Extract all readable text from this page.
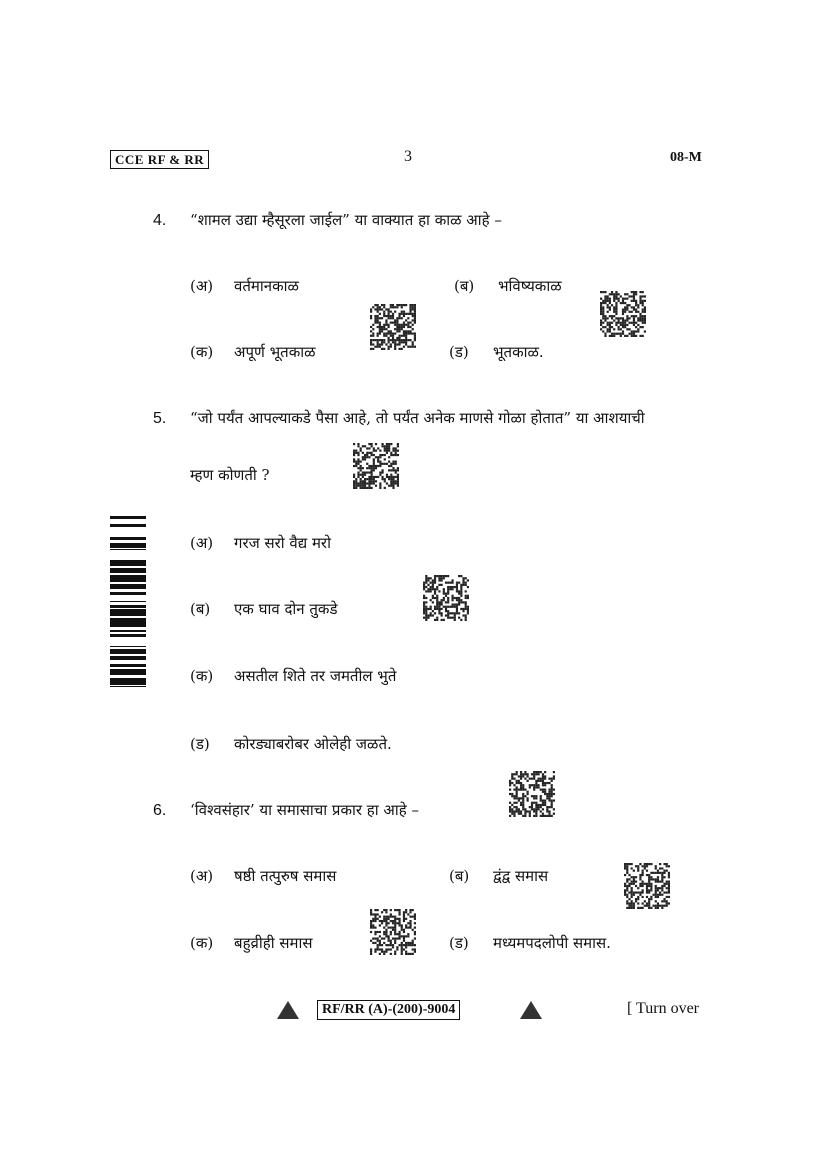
CCE RF & RR	3	08-M
4. “शामल उद्या म्हैसूरला जाईल” या वाक्यात हा काळ आहे –
(अ) वर्तमानकाळ	(ब) भविष्यकाळ
(क) अपूर्ण भूतकाळ	(ड) भूतकाळ.
5. “जो पर्यंत आपल्याकडे पैसा आहे, तो पर्यंत अनेक माणसे गोळा होतात” या आशयाची
म्हण कोणती ?
(अ) गरज सरो वैद्य मरो
(ब) एक घाव दोन तुकडे
(क) असतील शिते तर जमतील भुते
(ड) कोरड्याबरोबर ओलेही जळते.
6. ‘विश्वसंहार’ या समासाचा प्रकार हा आहे –
(अ) षष्ठी तत्पुरुष समास	(ब) द्वंद्व समास
(क) बहुव्रीही समास	(ड) मध्यमपदलोपी समास.
RF/RR (A)-(200)-9004	[ Turn over
